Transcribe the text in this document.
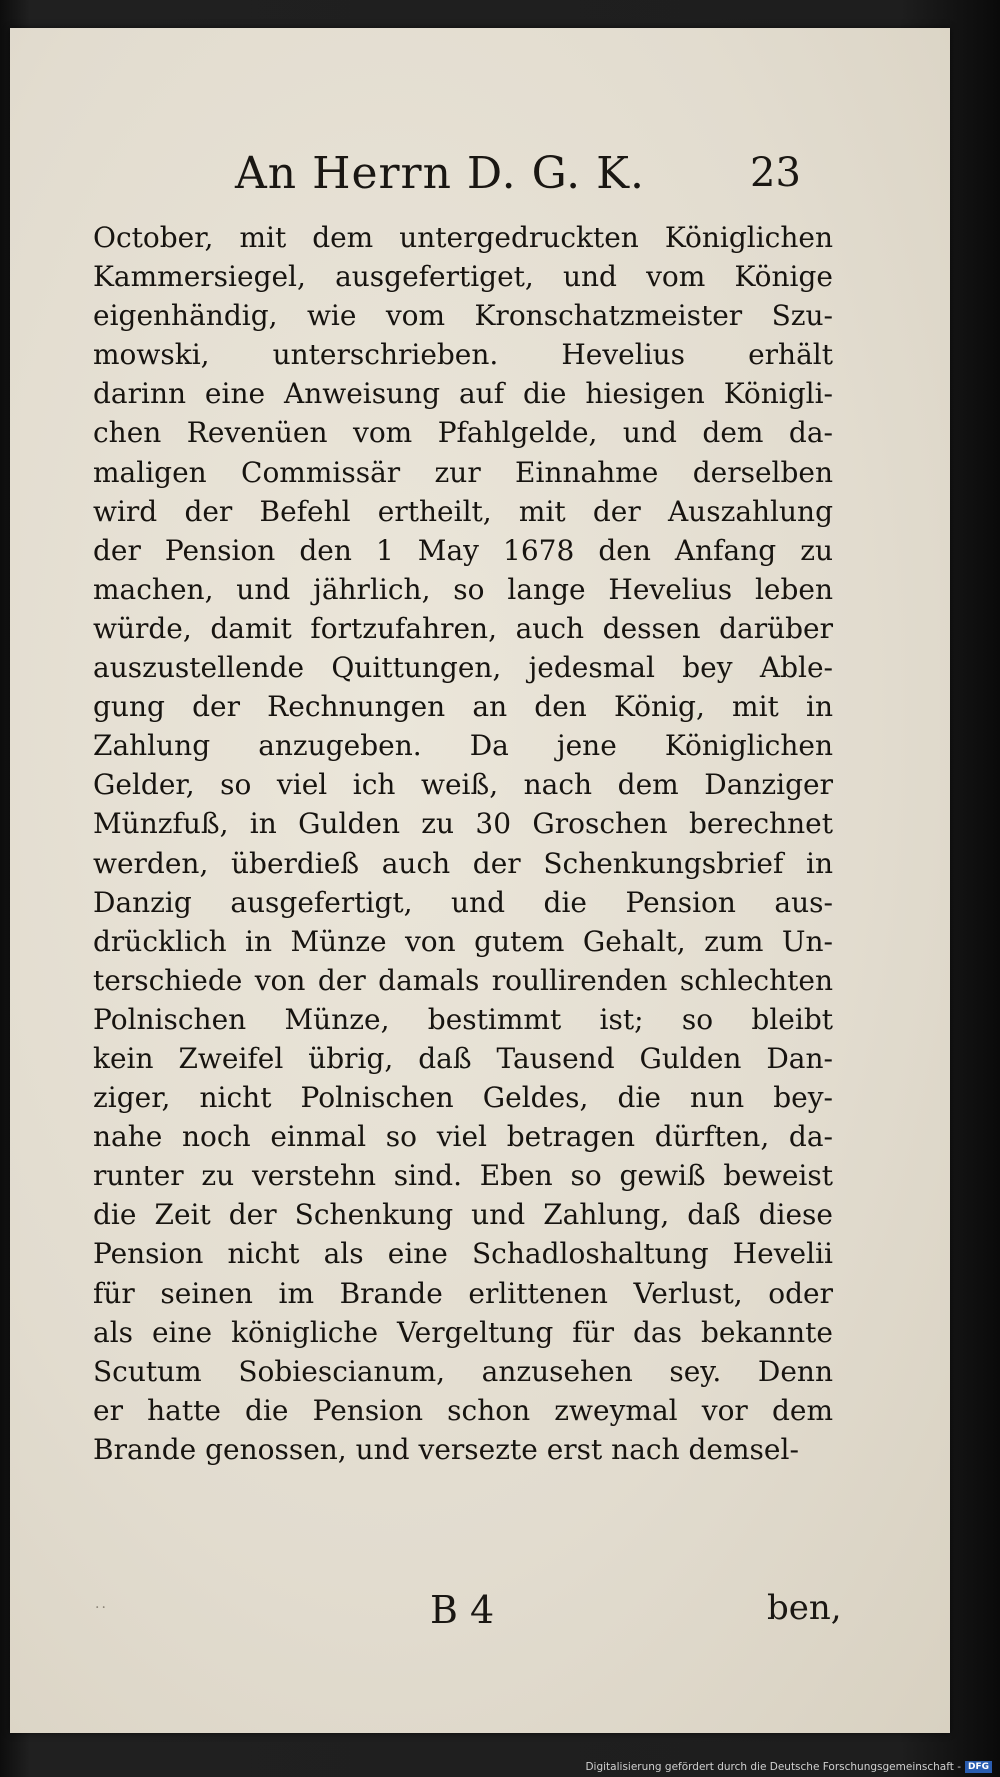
An Herrn D. G. K.	23
October, mit dem untergedruckten Königlichen
Kammersiegel, ausgefertiget, und vom Könige
eigenhändig, wie vom Kronschatzmeister Szu-
mowski, unterschrieben. Hevelius erhält
darinn eine Anweisung auf die hiesigen Königli-
chen Revenüen vom Pfahlgelde, und dem da-
maligen Commissär zur Einnahme derselben
wird der Befehl ertheilt, mit der Auszahlung
der Pension den 1 May 1678 den Anfang zu
machen, und jährlich, so lange Hevelius leben
würde, damit fortzufahren, auch dessen darüber
auszustellende Quittungen, jedesmal bey Able-
gung der Rechnungen an den König, mit in
Zahlung anzugeben. Da jene Königlichen
Gelder, so viel ich weiß, nach dem Danziger
Münzfuß, in Gulden zu 30 Groschen berechnet
werden, überdieß auch der Schenkungsbrief in
Danzig ausgefertigt, und die Pension aus-
drücklich in Münze von gutem Gehalt, zum Un-
terschiede von der damals roullirenden schlechten
Polnischen Münze, bestimmt ist; so bleibt
kein Zweifel übrig, daß Tausend Gulden Dan-
ziger, nicht Polnischen Geldes, die nun bey-
nahe noch einmal so viel betragen dürften, da-
runter zu verstehn sind. Eben so gewiß beweist
die Zeit der Schenkung und Zahlung, daß diese
Pension nicht als eine Schadloshaltung Hevelii
für seinen im Brande erlittenen Verlust, oder
als eine königliche Vergeltung für das bekannte
Scutum Sobiescianum, anzusehen sey. Denn
er hatte die Pension schon zweymal vor dem
Brande genossen, und versezte erst nach demsel-
··	B 4	ben,
Digitalisierung gefördert durch die Deutsche Forschungsgemeinschaft - DFG
